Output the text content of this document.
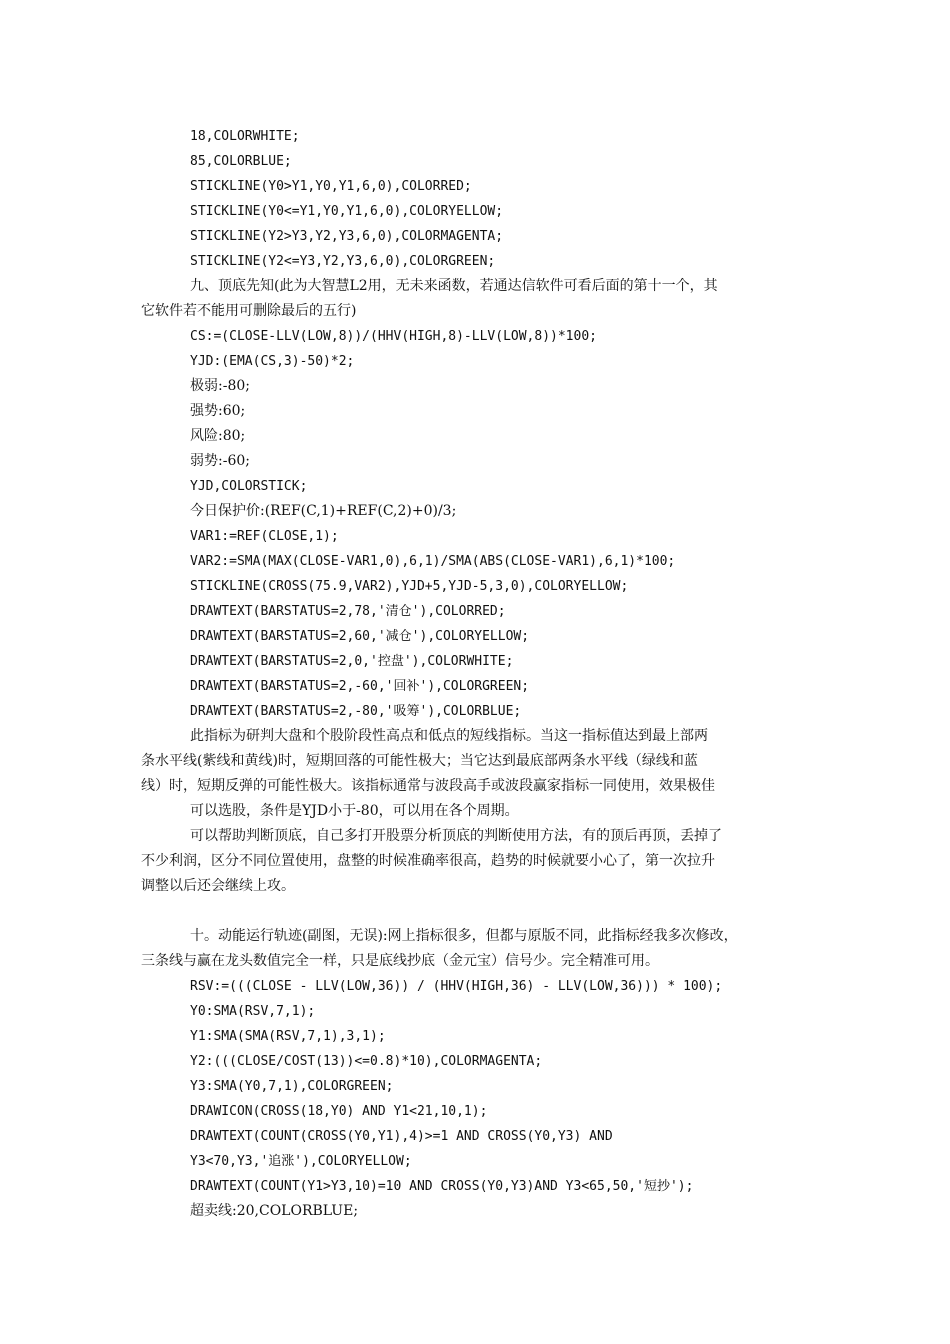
18,COLORWHITE;
85,COLORBLUE;
STICKLINE(Y0>Y1,Y0,Y1,6,0),COLORRED;
STICKLINE(Y0<=Y1,Y0,Y1,6,0),COLORYELLOW;
STICKLINE(Y2>Y3,Y2,Y3,6,0),COLORMAGENTA;
STICKLINE(Y2<=Y3,Y2,Y3,6,0),COLORGREEN;
九、顶底先知(此为大智慧L2用，无未来函数，若通达信软件可看后面的第十一个，其
它软件若不能用可删除最后的五行)
CS:=(CLOSE-LLV(LOW,8))/(HHV(HIGH,8)-LLV(LOW,8))*100;
YJD:(EMA(CS,3)-50)*2;
极弱:-80;
强势:60;
风险:80;
弱势:-60;
YJD,COLORSTICK;
今日保护价:(REF(C,1)+REF(C,2)+0)/3;
VAR1:=REF(CLOSE,1);
VAR2:=SMA(MAX(CLOSE-VAR1,0),6,1)/SMA(ABS(CLOSE-VAR1),6,1)*100;
STICKLINE(CROSS(75.9,VAR2),YJD+5,YJD-5,3,0),COLORYELLOW;
DRAWTEXT(BARSTATUS=2,78,'清仓'),COLORRED;
DRAWTEXT(BARSTATUS=2,60,'减仓'),COLORYELLOW;
DRAWTEXT(BARSTATUS=2,0,'控盘'),COLORWHITE;
DRAWTEXT(BARSTATUS=2,-60,'回补'),COLORGREEN;
DRAWTEXT(BARSTATUS=2,-80,'吸筹'),COLORBLUE;
此指标为研判大盘和个股阶段性高点和低点的短线指标。当这一指标值达到最上部两
条水平线(紫线和黄线)时，短期回落的可能性极大；当它达到最底部两条水平线（绿线和蓝
线）时，短期反弹的可能性极大。该指标通常与波段高手或波段赢家指标一同使用，效果极佳
可以选股，条件是YJD小于-80，可以用在各个周期。
可以帮助判断顶底，自己多打开股票分析顶底的判断使用方法，有的顶后再顶，丢掉了
不少利润，区分不同位置使用，盘整的时候准确率很高，趋势的时候就要小心了，第一次拉升
调整以后还会继续上攻。
十。动能运行轨迹(副图，无误):网上指标很多，但都与原版不同，此指标经我多次修改，
三条线与赢在龙头数值完全一样，只是底线抄底（金元宝）信号少。完全精准可用。
RSV:=(((CLOSE - LLV(LOW,36)) / (HHV(HIGH,36) - LLV(LOW,36))) * 100);
Y0:SMA(RSV,7,1);
Y1:SMA(SMA(RSV,7,1),3,1);
Y2:(((CLOSE/COST(13))<=0.8)*10),COLORMAGENTA;
Y3:SMA(Y0,7,1),COLORGREEN;
DRAWICON(CROSS(18,Y0) AND Y1<21,10,1);
DRAWTEXT(COUNT(CROSS(Y0,Y1),4)>=1 AND CROSS(Y0,Y3) AND
Y3<70,Y3,'追涨'),COLORYELLOW;
DRAWTEXT(COUNT(Y1>Y3,10)=10 AND CROSS(Y0,Y3)AND Y3<65,50,'短抄');
超卖线:20,COLORBLUE;
